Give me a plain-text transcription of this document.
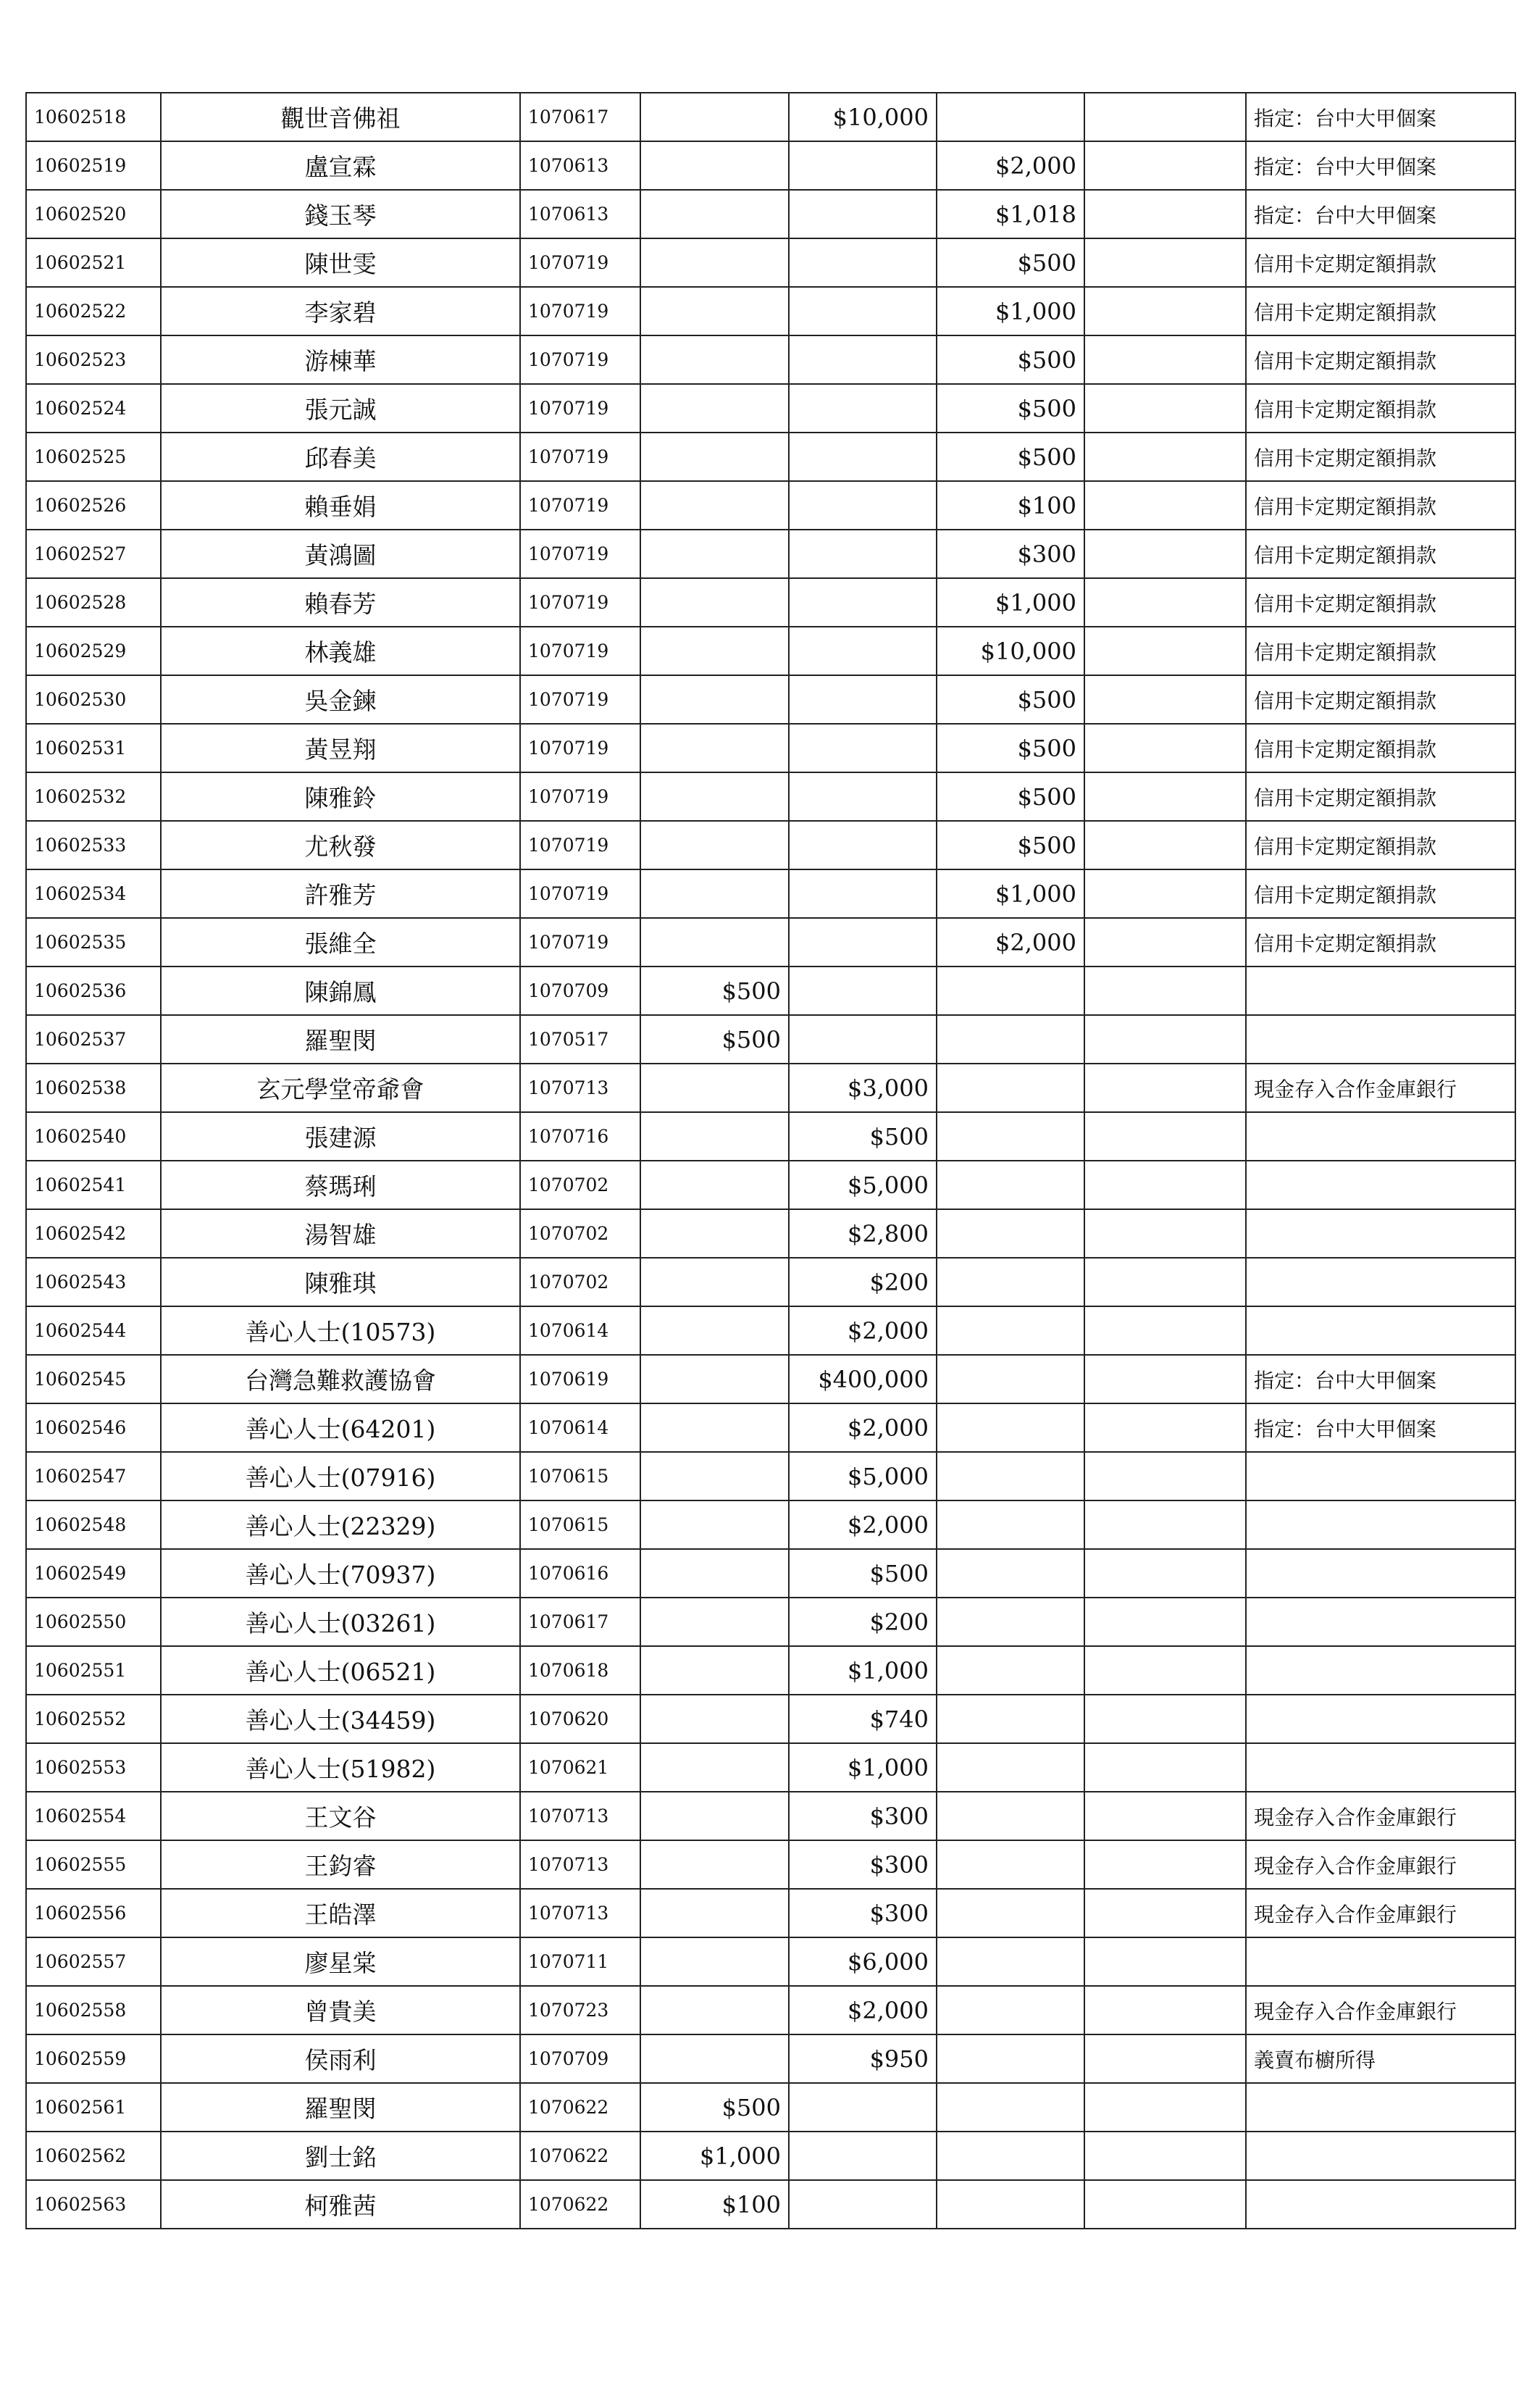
10602518	觀世音佛祖	1070617		$10,000			指定：台中大甲個案
10602519	盧宣霖	1070613			$2,000		指定：台中大甲個案
10602520	錢玉琴	1070613			$1,018		指定：台中大甲個案
10602521	陳世雯	1070719			$500		信用卡定期定額捐款
10602522	李家碧	1070719			$1,000		信用卡定期定額捐款
10602523	游棟華	1070719			$500		信用卡定期定額捐款
10602524	張元誠	1070719			$500		信用卡定期定額捐款
10602525	邱春美	1070719			$500		信用卡定期定額捐款
10602526	賴垂娟	1070719			$100		信用卡定期定額捐款
10602527	黃鴻圖	1070719			$300		信用卡定期定額捐款
10602528	賴春芳	1070719			$1,000		信用卡定期定額捐款
10602529	林義雄	1070719			$10,000		信用卡定期定額捐款
10602530	吳金鍊	1070719			$500		信用卡定期定額捐款
10602531	黃昱翔	1070719			$500		信用卡定期定額捐款
10602532	陳雅鈴	1070719			$500		信用卡定期定額捐款
10602533	尤秋發	1070719			$500		信用卡定期定額捐款
10602534	許雅芳	1070719			$1,000		信用卡定期定額捐款
10602535	張維全	1070719			$2,000		信用卡定期定額捐款
10602536	陳錦鳳	1070709	$500				
10602537	羅聖閔	1070517	$500				
10602538	玄元學堂帝爺會	1070713		$3,000			現金存入合作金庫銀行
10602540	張建源	1070716		$500			
10602541	蔡瑪琍	1070702		$5,000			
10602542	湯智雄	1070702		$2,800			
10602543	陳雅琪	1070702		$200			
10602544	善心人士(10573)	1070614		$2,000			
10602545	台灣急難救護協會	1070619		$400,000			指定：台中大甲個案
10602546	善心人士(64201)	1070614		$2,000			指定：台中大甲個案
10602547	善心人士(07916)	1070615		$5,000			
10602548	善心人士(22329)	1070615		$2,000			
10602549	善心人士(70937)	1070616		$500			
10602550	善心人士(03261)	1070617		$200			
10602551	善心人士(06521)	1070618		$1,000			
10602552	善心人士(34459)	1070620		$740			
10602553	善心人士(51982)	1070621		$1,000			
10602554	王文谷	1070713		$300			現金存入合作金庫銀行
10602555	王鈞睿	1070713		$300			現金存入合作金庫銀行
10602556	王皓澤	1070713		$300			現金存入合作金庫銀行
10602557	廖星棠	1070711		$6,000			
10602558	曾貴美	1070723		$2,000			現金存入合作金庫銀行
10602559	侯雨利	1070709		$950			義賣布櫥所得
10602561	羅聖閔	1070622	$500				
10602562	劉士銘	1070622	$1,000				
10602563	柯雅茜	1070622	$100				
